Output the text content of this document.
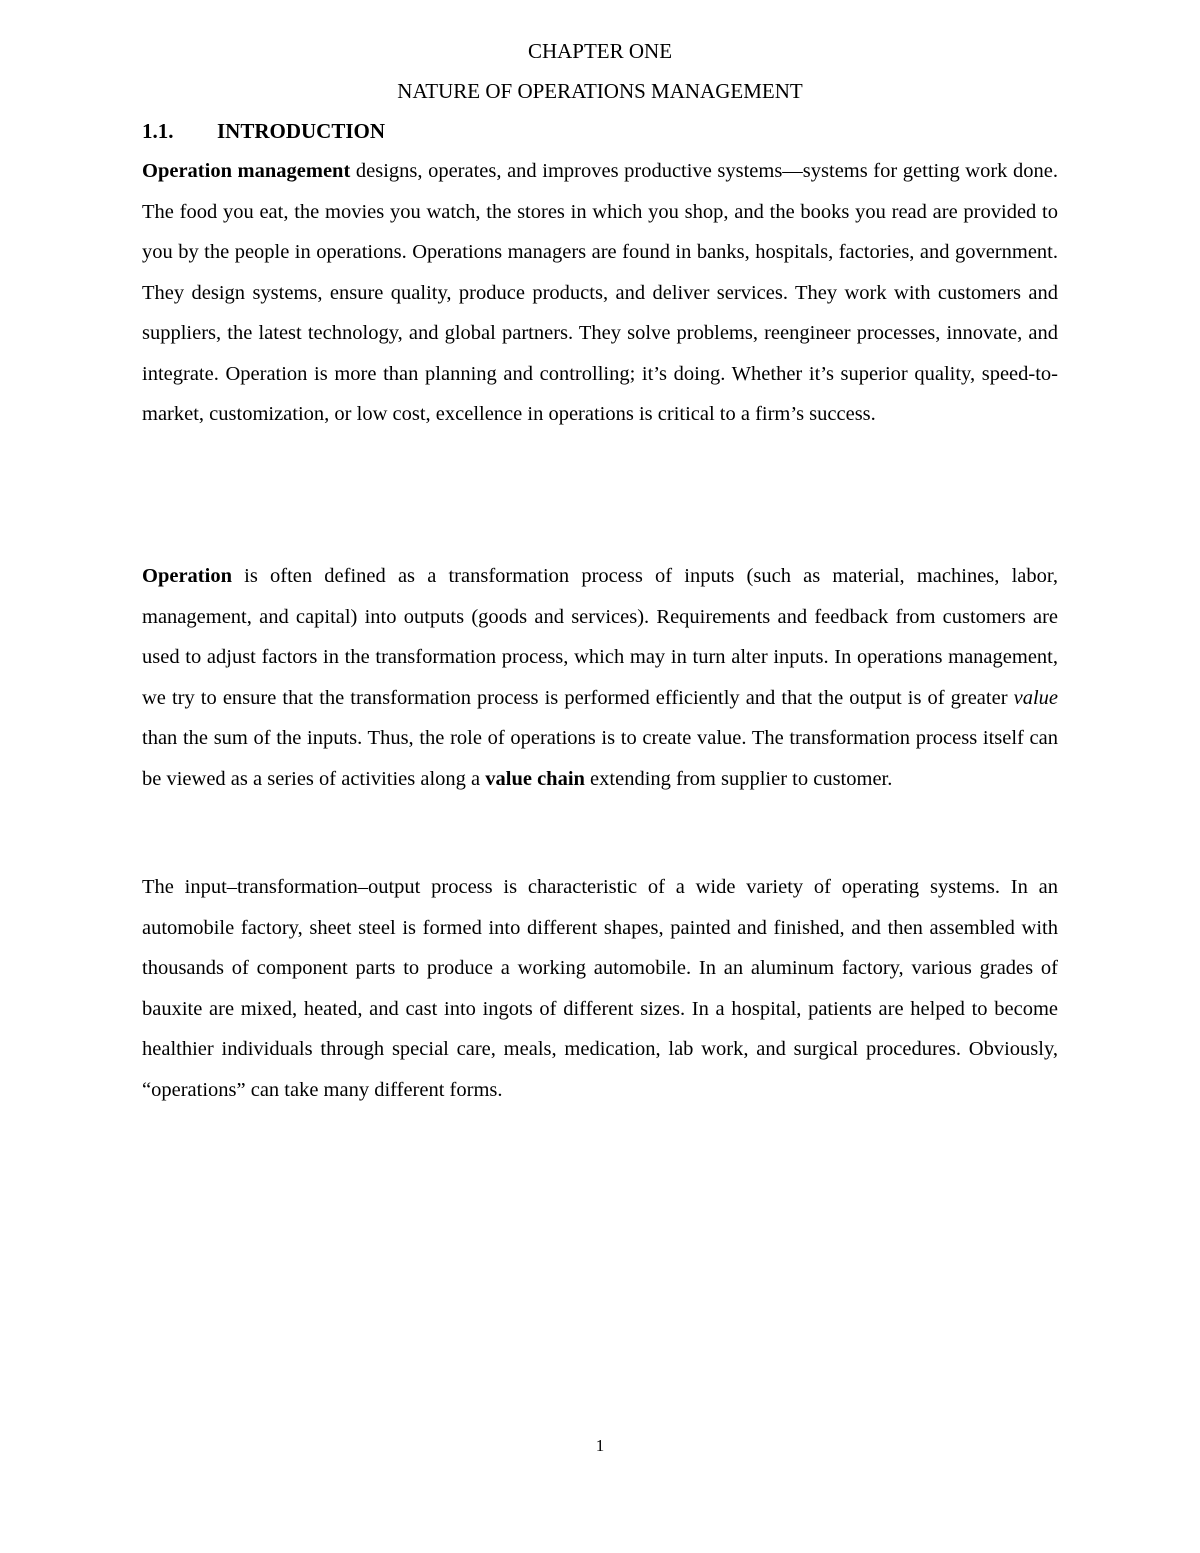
CHAPTER ONE
NATURE OF OPERATIONS MANAGEMENT
1.1. INTRODUCTION

Operation management designs, operates, and improves productive systems—systems for getting work done. The food you eat, the movies you watch, the stores in which you shop, and the books you read are provided to you by the people in operations. Operations managers are found in banks, hospitals, factories, and government. They design systems, ensure quality, produce products, and deliver services. They work with customers and suppliers, the latest technology, and global partners. They solve problems, reengineer processes, innovate, and integrate. Operation is more than planning and controlling; it’s doing. Whether it’s superior quality, speed-to-market, customization, or low cost, excellence in operations is critical to a firm’s success.

Operation is often defined as a transformation process of inputs (such as material, machines, labor, management, and capital) into outputs (goods and services). Requirements and feedback from customers are used to adjust factors in the transformation process, which may in turn alter inputs. In operations management, we try to ensure that the transformation process is performed efficiently and that the output is of greater value than the sum of the inputs. Thus, the role of operations is to create value. The transformation process itself can be viewed as a series of activities along a value chain extending from supplier to customer.

The input–transformation–output process is characteristic of a wide variety of operating systems. In an automobile factory, sheet steel is formed into different shapes, painted and finished, and then assembled with thousands of component parts to produce a working automobile. In an aluminum factory, various grades of bauxite are mixed, heated, and cast into ingots of different sizes. In a hospital, patients are helped to become healthier individuals through special care, meals, medication, lab work, and surgical procedures. Obviously, “operations” can take many different forms.

1
